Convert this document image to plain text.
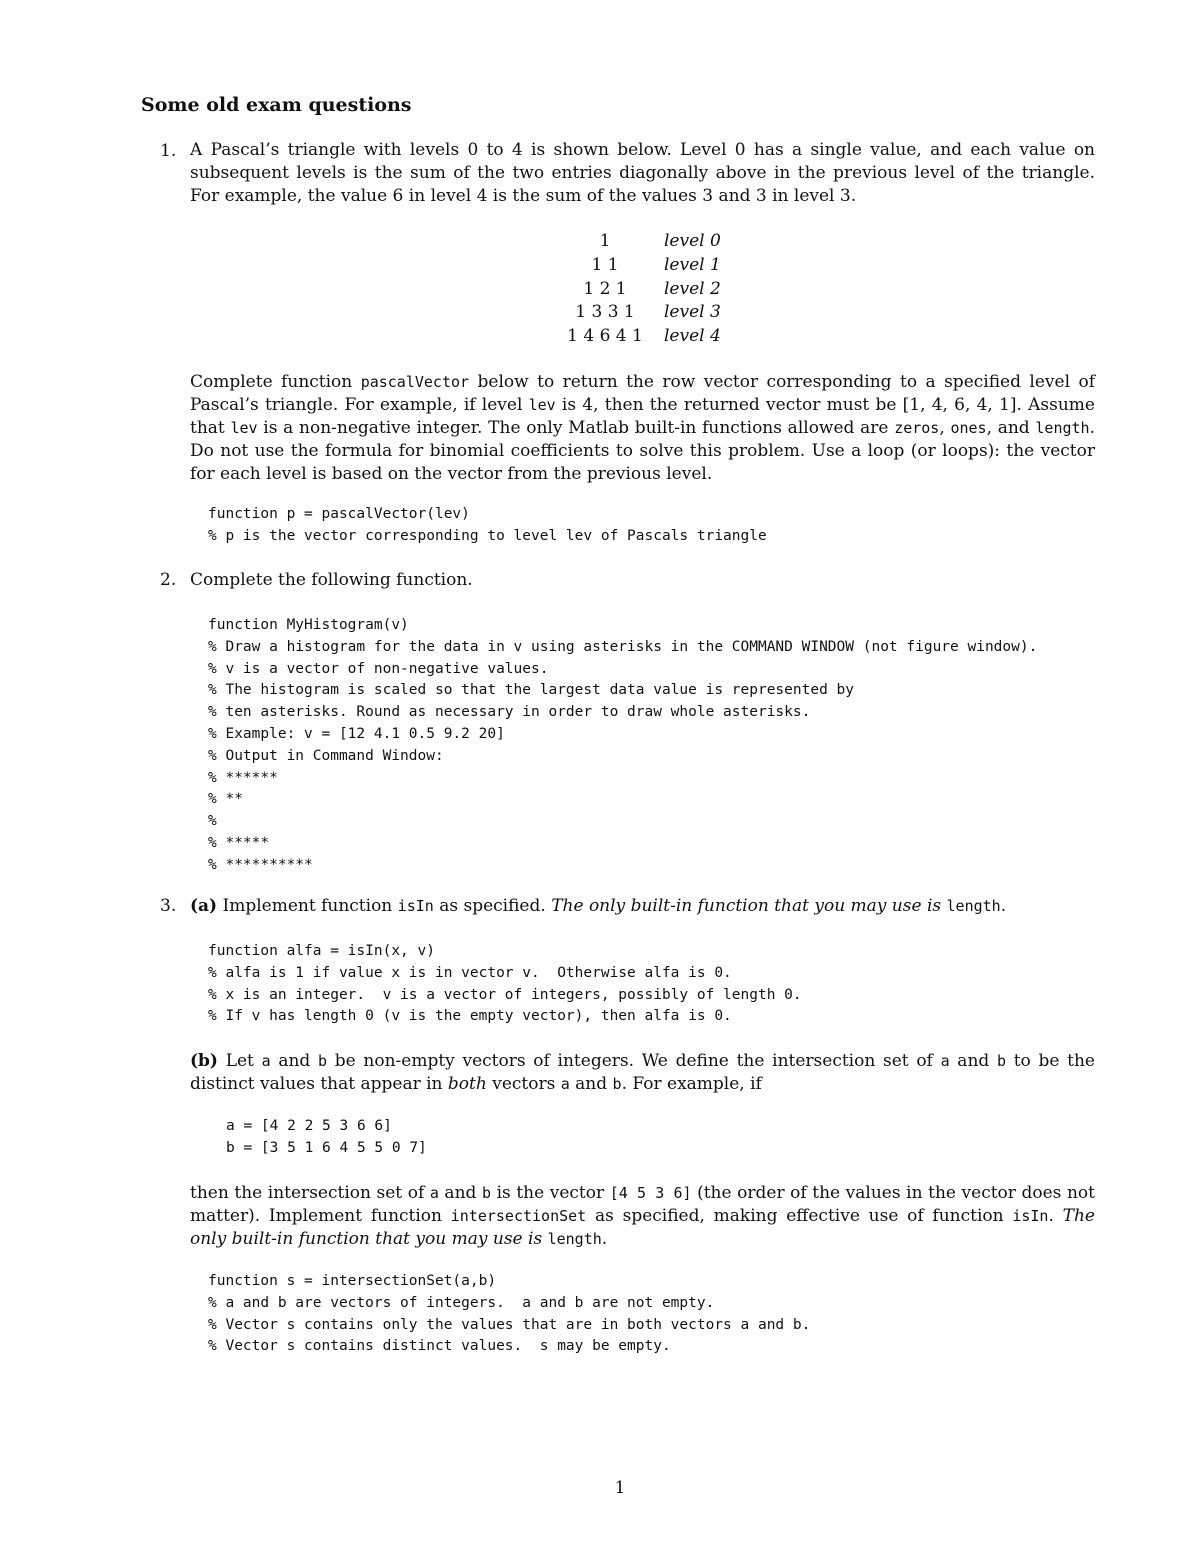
Some old exam questions
1. A Pascal’s triangle with levels 0 to 4 is shown below. Level 0 has a single value, and each value on subsequent levels is the sum of the two entries diagonally above in the previous level of the triangle. For example, the value 6 in level 4 is the sum of the values 3 and 3 in level 3.
1	level 0
1 1	level 1
1 2 1	level 2
1 3 3 1	level 3
1 4 6 4 1	level 4
Complete function pascalVector below to return the row vector corresponding to a specified level of Pascal’s triangle. For example, if level lev is 4, then the returned vector must be [1, 4, 6, 4, 1]. Assume that lev is a non-negative integer. The only Matlab built-in functions allowed are zeros, ones, and length. Do not use the formula for binomial coefficients to solve this problem. Use a loop (or loops): the vector for each level is based on the vector from the previous level.
function p = pascalVector(lev)
% p is the vector corresponding to level lev of Pascals triangle
2. Complete the following function.
function MyHistogram(v)
% Draw a histogram for the data in v using asterisks in the COMMAND WINDOW (not figure window).
% v is a vector of non-negative values.
% The histogram is scaled so that the largest data value is represented by
% ten asterisks. Round as necessary in order to draw whole asterisks.
% Example: v = [12 4.1 0.5 9.2 20]
% Output in Command Window:
% ******
% **
%
% *****
% **********
3. (a) Implement function isIn as specified. The only built-in function that you may use is length.
function alfa = isIn(x, v)
% alfa is 1 if value x is in vector v.  Otherwise alfa is 0.
% x is an integer.  v is a vector of integers, possibly of length 0.
% If v has length 0 (v is the empty vector), then alfa is 0.
(b) Let a and b be non-empty vectors of integers. We define the intersection set of a and b to be the distinct values that appear in both vectors a and b. For example, if
a = [4 2 2 5 3 6 6]
b = [3 5 1 6 4 5 5 0 7]
then the intersection set of a and b is the vector [4 5 3 6] (the order of the values in the vector does not matter). Implement function intersectionSet as specified, making effective use of function isIn. The only built-in function that you may use is length.
function s = intersectionSet(a,b)
% a and b are vectors of integers.  a and b are not empty.
% Vector s contains only the values that are in both vectors a and b.
% Vector s contains distinct values.  s may be empty.
1
